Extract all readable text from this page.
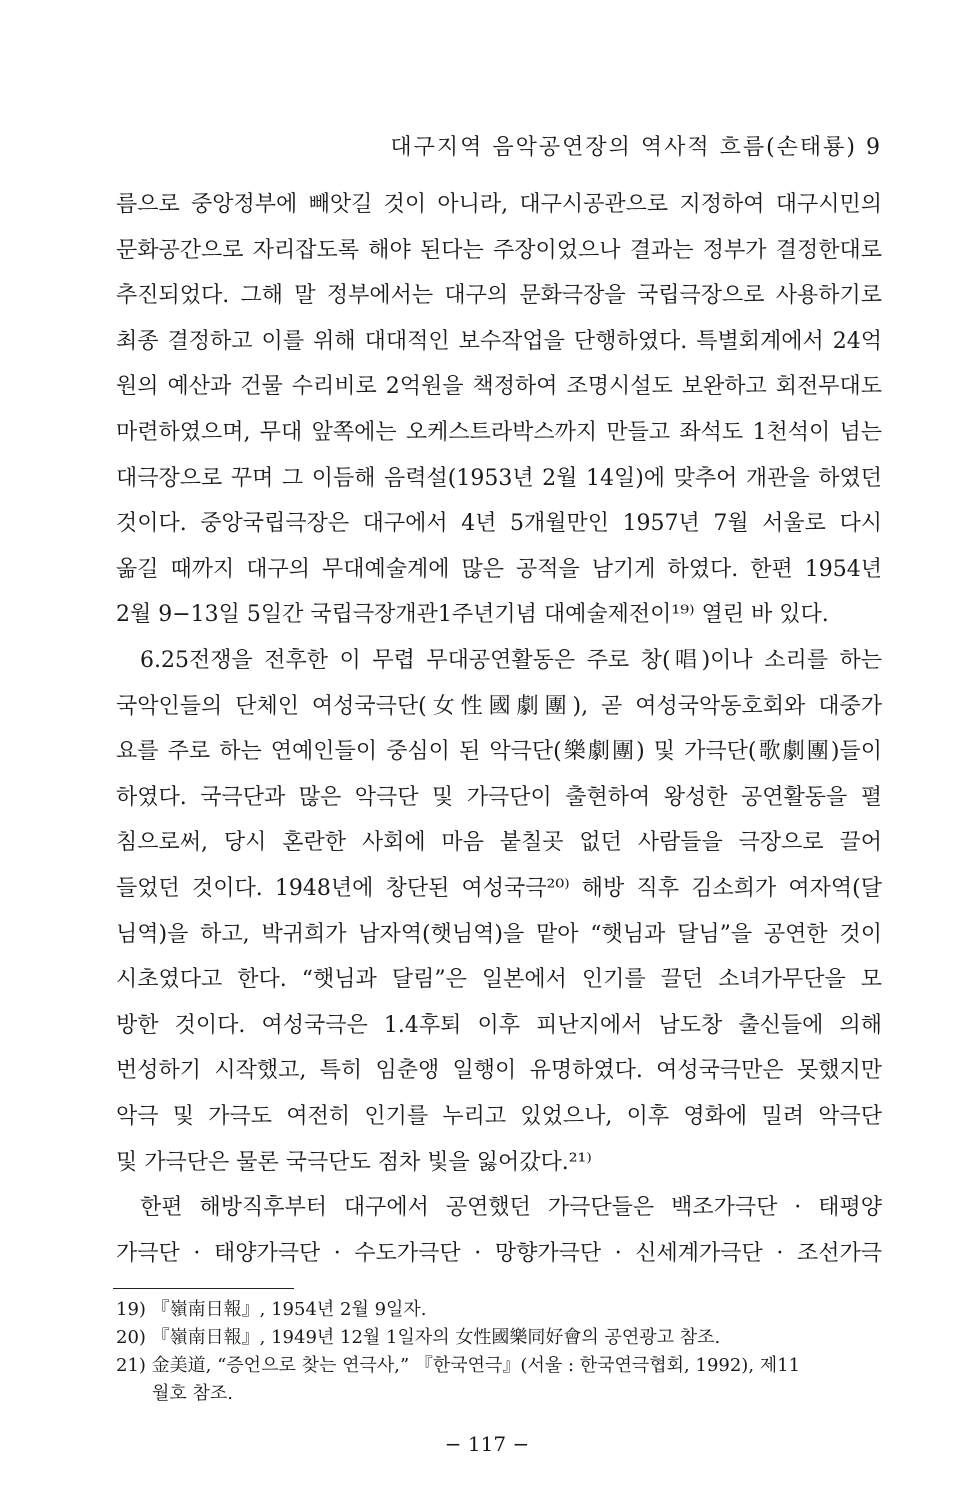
대구지역 음악공연장의 역사적 흐름(손태룡) 9
름으로 중앙정부에 빼앗길 것이 아니라, 대구시공관으로 지정하여 대구시민의
문화공간으로 자리잡도록 해야 된다는 주장이었으나 결과는 정부가 결정한대로
추진되었다. 그해 말 정부에서는 대구의 문화극장을 국립극장으로 사용하기로
최종 결정하고 이를 위해 대대적인 보수작업을 단행하였다. 특별회계에서 24억
원의 예산과 건물 수리비로 2억원을 책정하여 조명시설도 보완하고 회전무대도
마련하였으며, 무대 앞쪽에는 오케스트라박스까지 만들고 좌석도 1천석이 넘는
대극장으로 꾸며 그 이듬해 음력설(1953년 2월 14일)에 맞추어 개관을 하였던
것이다. 중앙국립극장은 대구에서 4년 5개월만인 1957년 7월 서울로 다시
옮길 때까지 대구의 무대예술계에 많은 공적을 남기게 하였다. 한편 1954년
2월 9−13일 5일간 국립극장개관1주년기념 대예술제전이¹⁹⁾ 열린 바 있다.
6.25전쟁을 전후한 이 무렵 무대공연활동은 주로 창(唱)이나 소리를 하는
국악인들의 단체인 여성국극단(女性國劇團), 곧 여성국악동호회와 대중가
요를 주로 하는 연예인들이 중심이 된 악극단(樂劇團) 및 가극단(歌劇團)들이
하였다. 국극단과 많은 악극단 및 가극단이 출현하여 왕성한 공연활동을 펼
침으로써, 당시 혼란한 사회에 마음 붙칠곳 없던 사람들을 극장으로 끌어
들었던 것이다. 1948년에 창단된 여성국극²⁰⁾ 해방 직후 김소희가 여자역(달
님역)을 하고, 박귀희가 남자역(햇님역)을 맡아 “햇님과 달님”을 공연한 것이
시초였다고 한다. “햇님과 달림”은 일본에서 인기를 끌던 소녀가무단을 모
방한 것이다. 여성국극은 1.4후퇴 이후 피난지에서 남도창 출신들에 의해
번성하기 시작했고, 특히 임춘앵 일행이 유명하였다. 여성국극만은 못했지만
악극 및 가극도 여전히 인기를 누리고 있었으나, 이후 영화에 밀려 악극단
및 가극단은 물론 국극단도 점차 빛을 잃어갔다.²¹⁾
한편 해방직후부터 대구에서 공연했던 가극단들은 백조가극단 · 태평양
가극단 · 태양가극단 · 수도가극단 · 망향가극단 · 신세계가극단 · 조선가극
19) 『嶺南日報』, 1954년 2월 9일자.
20) 『嶺南日報』, 1949년 12월 1일자의 女性國樂同好會의 공연광고 참조.
21) 金美道, “증언으로 찾는 연극사,” 『한국연극』(서울 : 한국연극협회, 1992), 제11
월호 참조.
− 117 −
